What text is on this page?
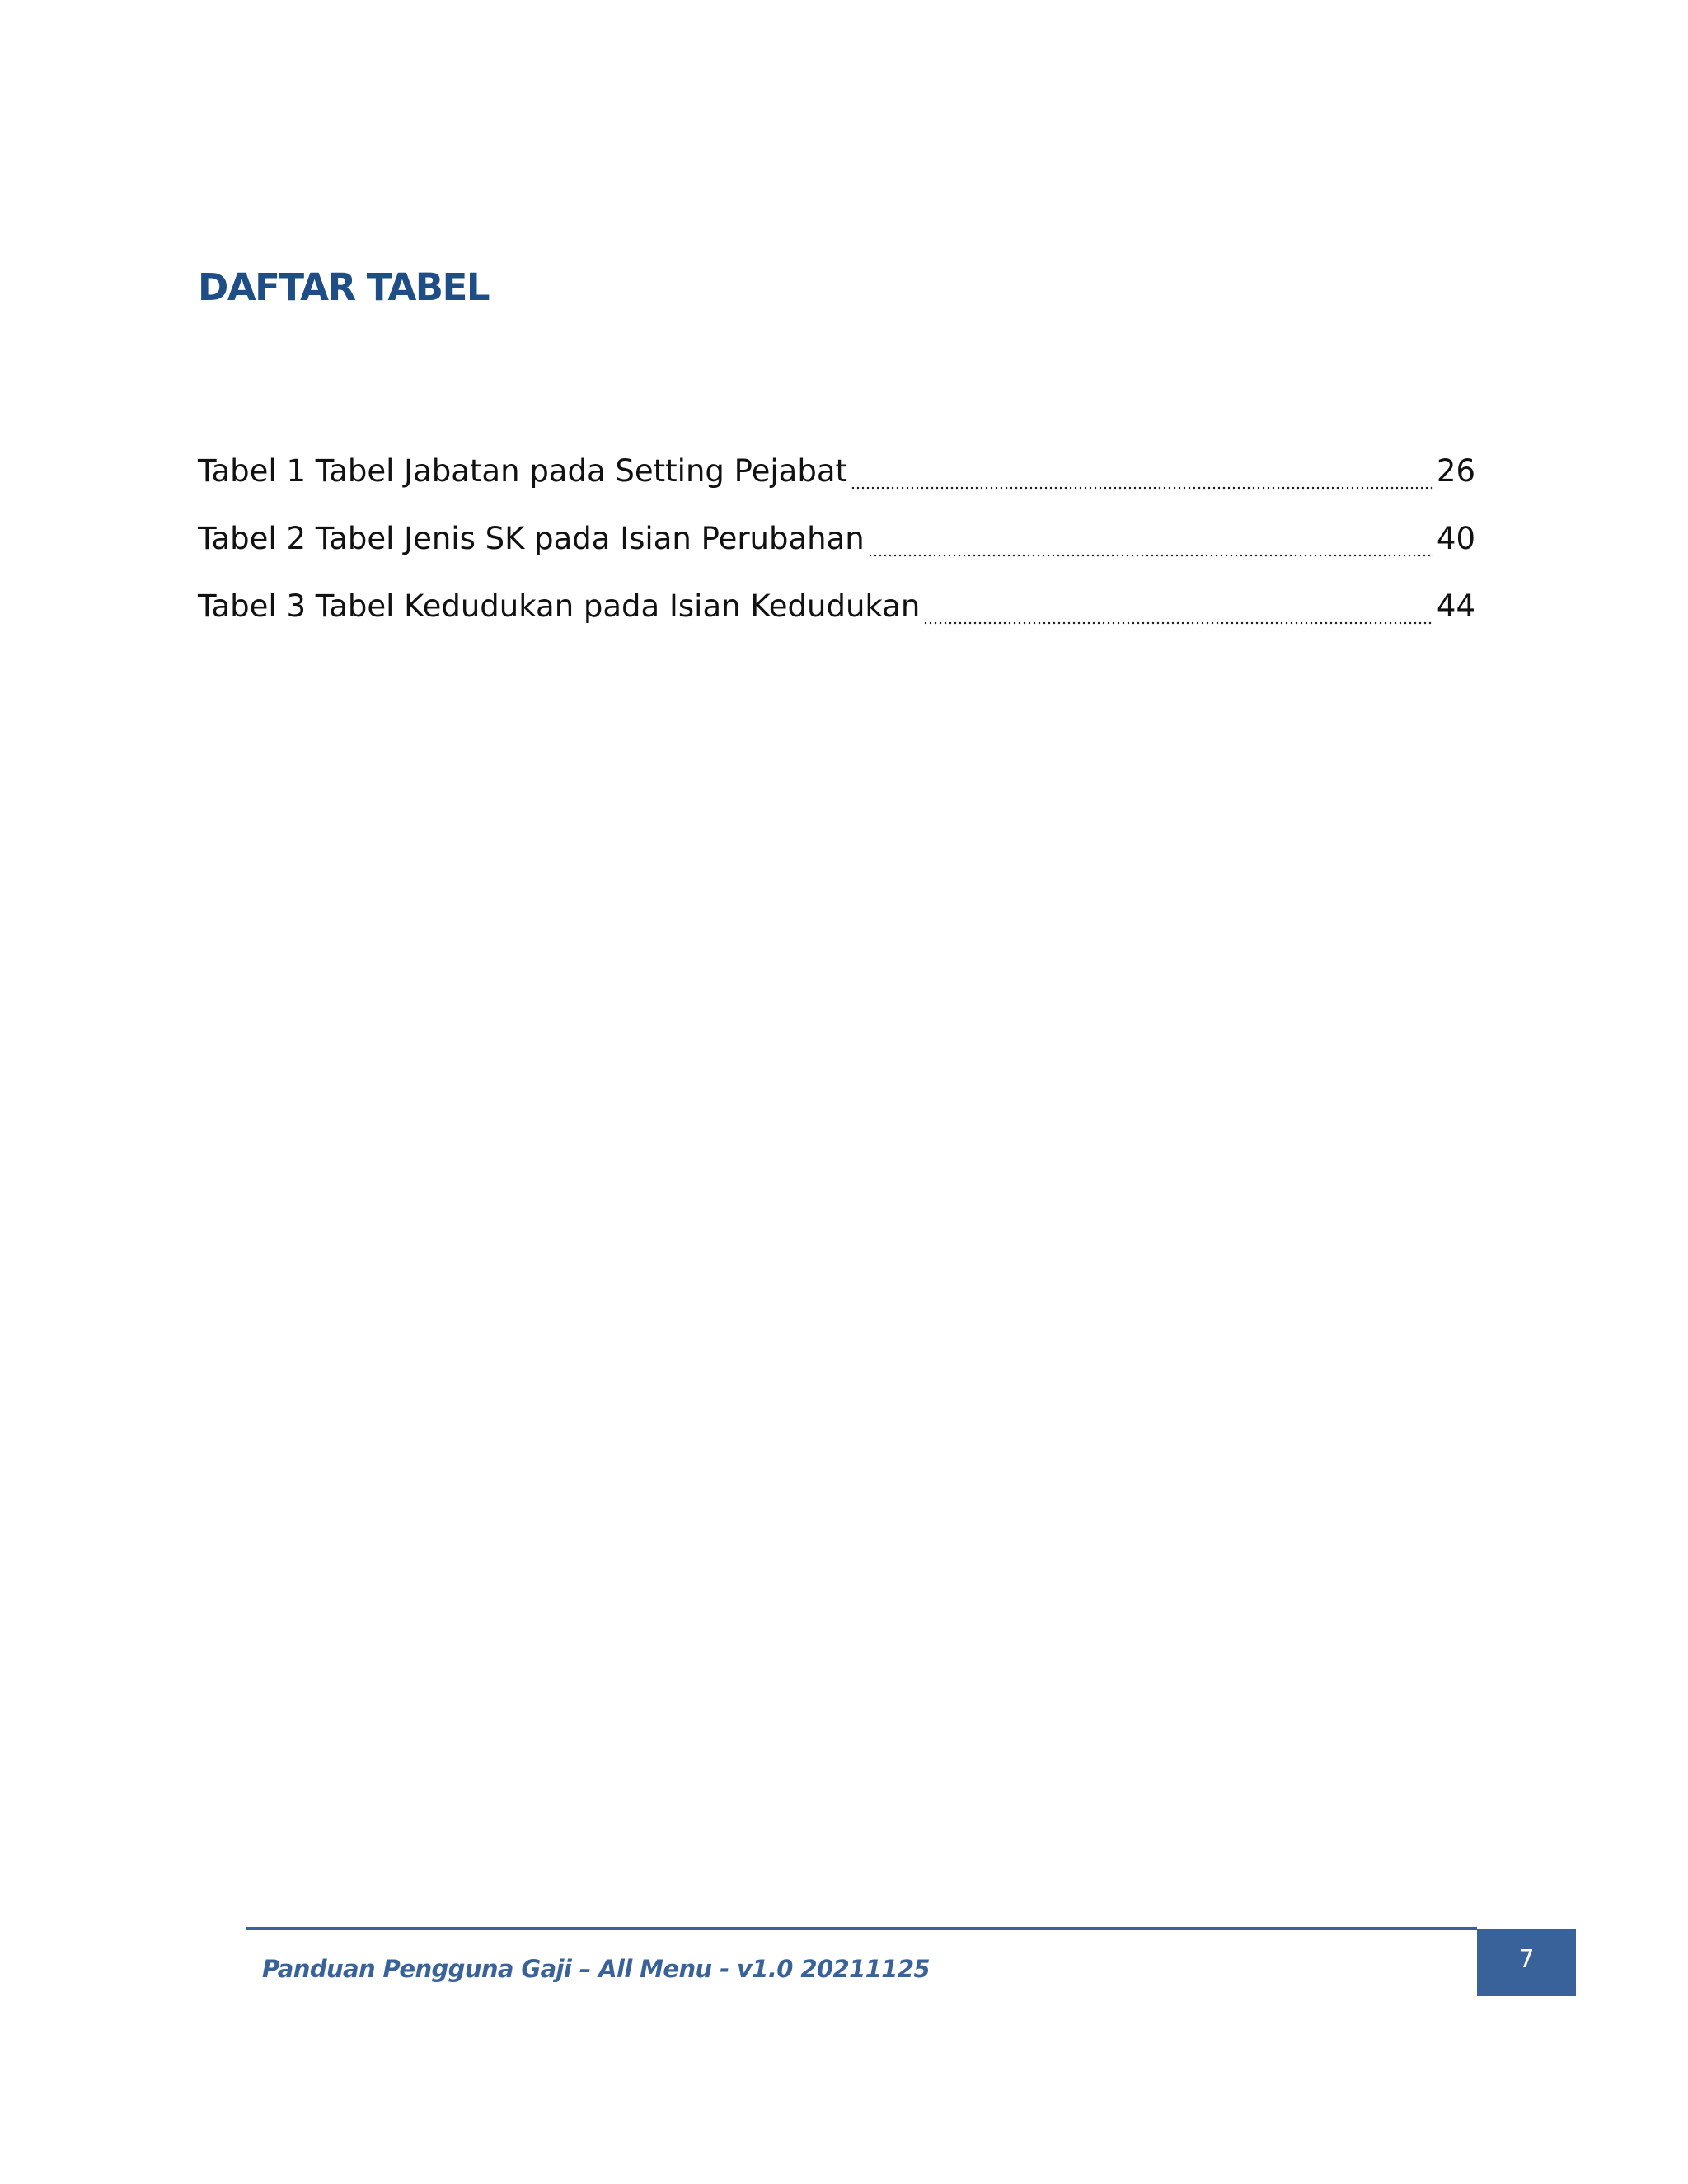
DAFTAR TABEL
Tabel 1 Tabel Jabatan pada Setting Pejabat	26
Tabel 2 Tabel Jenis SK pada Isian Perubahan	40
Tabel 3 Tabel Kedudukan pada Isian Kedudukan	44
Panduan Pengguna Gaji – All Menu - v1.0 20211125	7
